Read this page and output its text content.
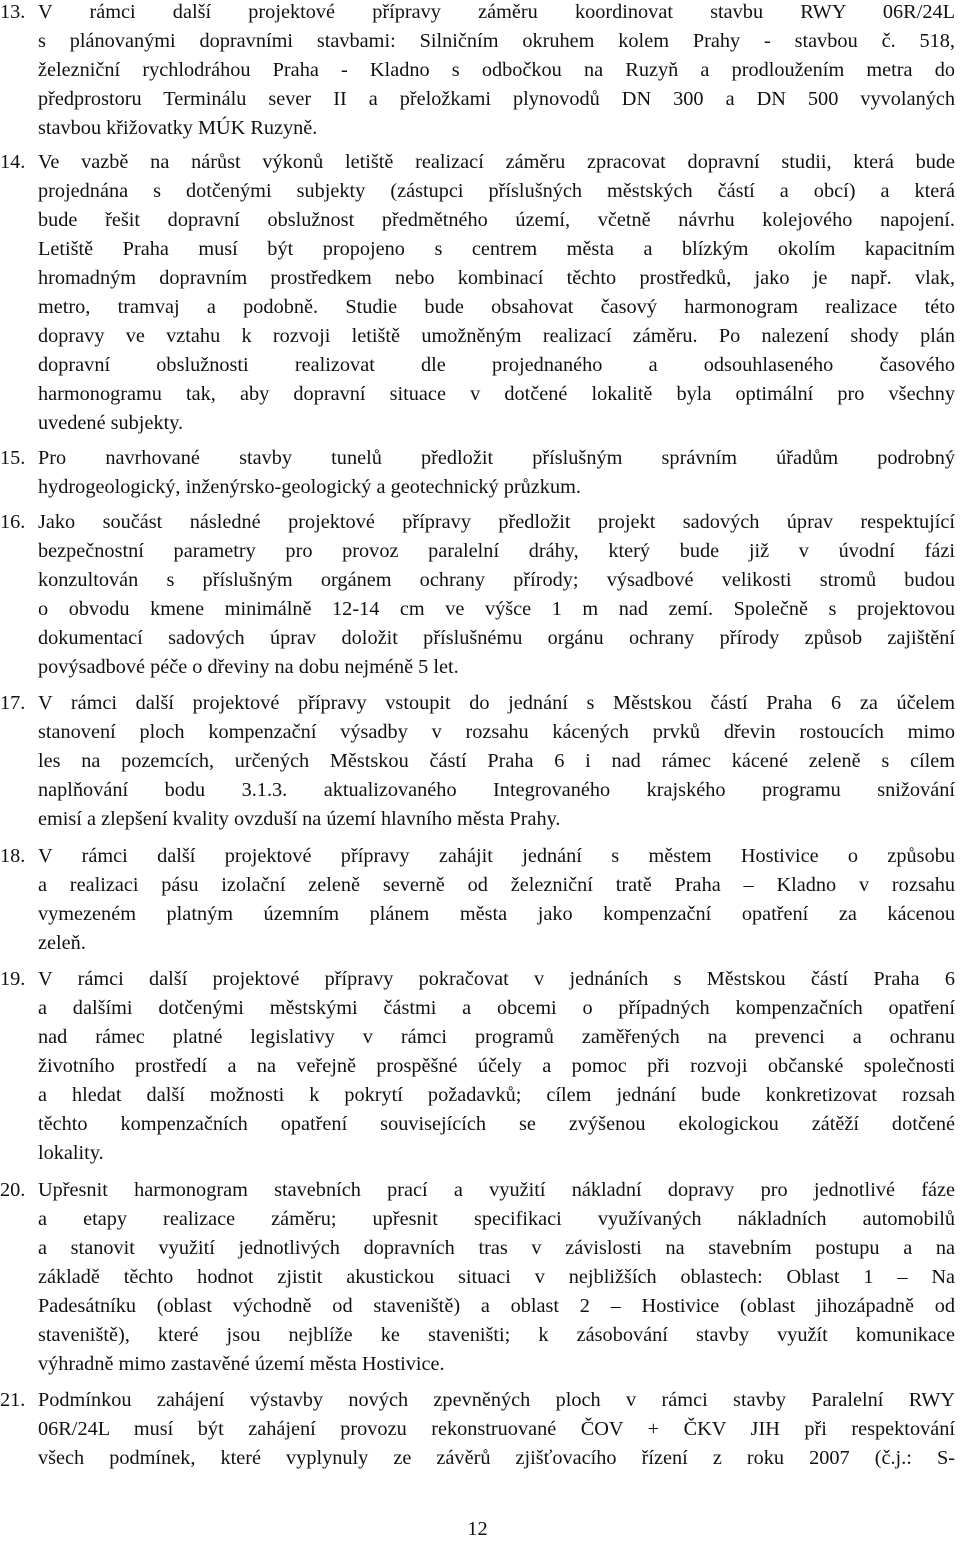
13. V rámci další projektové přípravy záměru koordinovat stavbu RWY 06R/24L
s plánovanými dopravními stavbami: Silničním okruhem kolem Prahy - stavbou č. 518,
železniční rychlodráhou Praha - Kladno s odbočkou na Ruzyň a prodloužením metra do
předprostoru Terminálu sever II a přeložkami plynovodů DN 300 a DN 500 vyvolaných
stavbou křižovatky MÚK Ruzyně.
14. Ve vazbě na nárůst výkonů letiště realizací záměru zpracovat dopravní studii, která bude
projednána s dotčenými subjekty (zástupci příslušných městských částí a obcí) a která
bude řešit dopravní obslužnost předmětného území, včetně návrhu kolejového napojení.
Letiště Praha musí být propojeno s centrem města a blízkým okolím kapacitním
hromadným dopravním prostředkem nebo kombinací těchto prostředků, jako je např. vlak,
metro, tramvaj a podobně. Studie bude obsahovat časový harmonogram realizace této
dopravy ve vztahu k rozvoji letiště umožněným realizací záměru. Po nalezení shody plán
dopravní obslužnosti realizovat dle projednaného a odsouhlaseného časového
harmonogramu tak, aby dopravní situace v dotčené lokalitě byla optimální pro všechny
uvedené subjekty.
15. Pro navrhované stavby tunelů předložit příslušným správním úřadům podrobný
hydrogeologický, inženýrsko-geologický a geotechnický průzkum.
16. Jako součást následné projektové přípravy předložit projekt sadových úprav respektující
bezpečnostní parametry pro provoz paralelní dráhy, který bude již v úvodní fázi
konzultován s příslušným orgánem ochrany přírody; výsadbové velikosti stromů budou
o obvodu kmene minimálně 12-14 cm ve výšce 1 m nad zemí. Společně s projektovou
dokumentací sadových úprav doložit příslušnému orgánu ochrany přírody způsob zajištění
povýsadbové péče o dřeviny na dobu nejméně 5 let.
17. V rámci další projektové přípravy vstoupit do jednání s Městskou částí Praha 6 za účelem
stanovení ploch kompenzační výsadby v rozsahu kácených prvků dřevin rostoucích mimo
les na pozemcích, určených Městskou částí Praha 6 i nad rámec kácené zeleně s cílem
naplňování bodu 3.1.3. aktualizovaného Integrovaného krajského programu snižování
emisí a zlepšení kvality ovzduší na území hlavního města Prahy.
18. V rámci další projektové přípravy zahájit jednání s městem Hostivice o způsobu
a realizaci pásu izolační zeleně severně od železniční tratě Praha – Kladno v rozsahu
vymezeném platným územním plánem města jako kompenzační opatření za kácenou
zeleň.
19. V rámci další projektové přípravy pokračovat v jednáních s Městskou částí Praha 6
a dalšími dotčenými městskými částmi a obcemi o případných kompenzačních opatření
nad rámec platné legislativy v rámci programů zaměřených na prevenci a ochranu
životního prostředí a na veřejně prospěšné účely a pomoc při rozvoji občanské společnosti
a hledat další možnosti k pokrytí požadavků; cílem jednání bude konkretizovat rozsah
těchto kompenzačních opatření souvisejících se zvýšenou ekologickou zátěží dotčené
lokality.
20. Upřesnit harmonogram stavebních prací a využití nákladní dopravy pro jednotlivé fáze
a etapy realizace záměru; upřesnit specifikaci využívaných nákladních automobilů
a stanovit využití jednotlivých dopravních tras v závislosti na stavebním postupu a na
základě těchto hodnot zjistit akustickou situaci v nejbližších oblastech: Oblast 1 – Na
Padesátníku (oblast východně od staveniště) a oblast 2 – Hostivice (oblast jihozápadně od
staveniště), které jsou nejblíže ke staveništi; k zásobování stavby využít komunikace
výhradně mimo zastavěné území města Hostivice.
21. Podmínkou zahájení výstavby nových zpevněných ploch v rámci stavby Paralelní RWY
06R/24L musí být zahájení provozu rekonstruované ČOV + ČKV JIH při respektování
všech podmínek, které vyplynuly ze závěrů zjišťovacího řízení z roku 2007 (č.j.: S-
12
